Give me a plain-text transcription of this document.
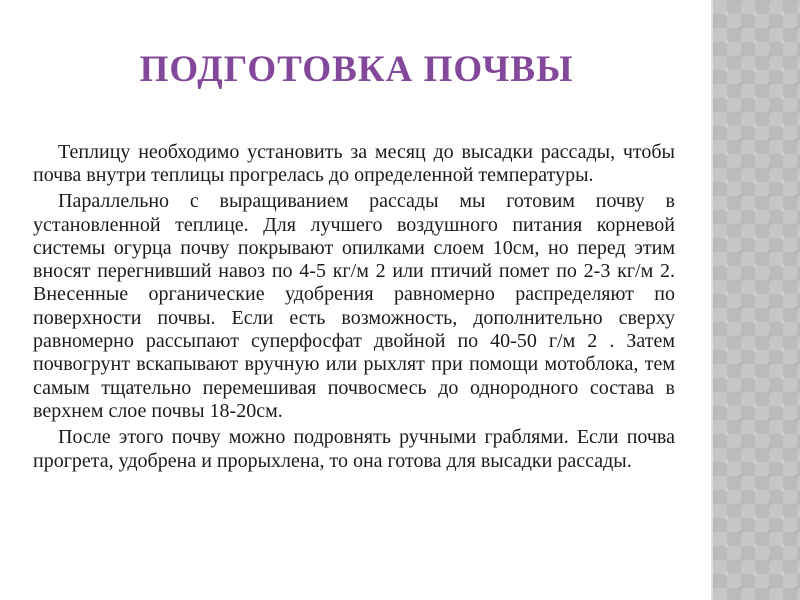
ПОДГОТОВКА ПОЧВЫ

Теплицу необходимо установить за месяц до высадки рассады, чтобы почва внутри теплицы прогрелась до определенной температуры.

Параллельно с выращиванием рассады мы готовим почву в установленной теплице. Для лучшего воздушного питания корневой системы огурца почву покрывают опилками слоем 10см, но перед этим вносят перегнивший навоз по 4-5 кг/м 2 или птичий помет по 2-3 кг/м 2. Внесенные органические удобрения равномерно распределяют по поверхности почвы. Если есть возможность, дополнительно сверху равномерно рассыпают суперфосфат двойной по 40-50 г/м 2 . Затем почвогрунт вскапывают вручную или рыхлят при помощи мотоблока, тем самым тщательно перемешивая почвосмесь до однородного состава в верхнем слое почвы 18-20см.

После этого почву можно подровнять ручными граблями. Если почва прогрета, удобрена и прорыхлена, то она готова для высадки рассады.
